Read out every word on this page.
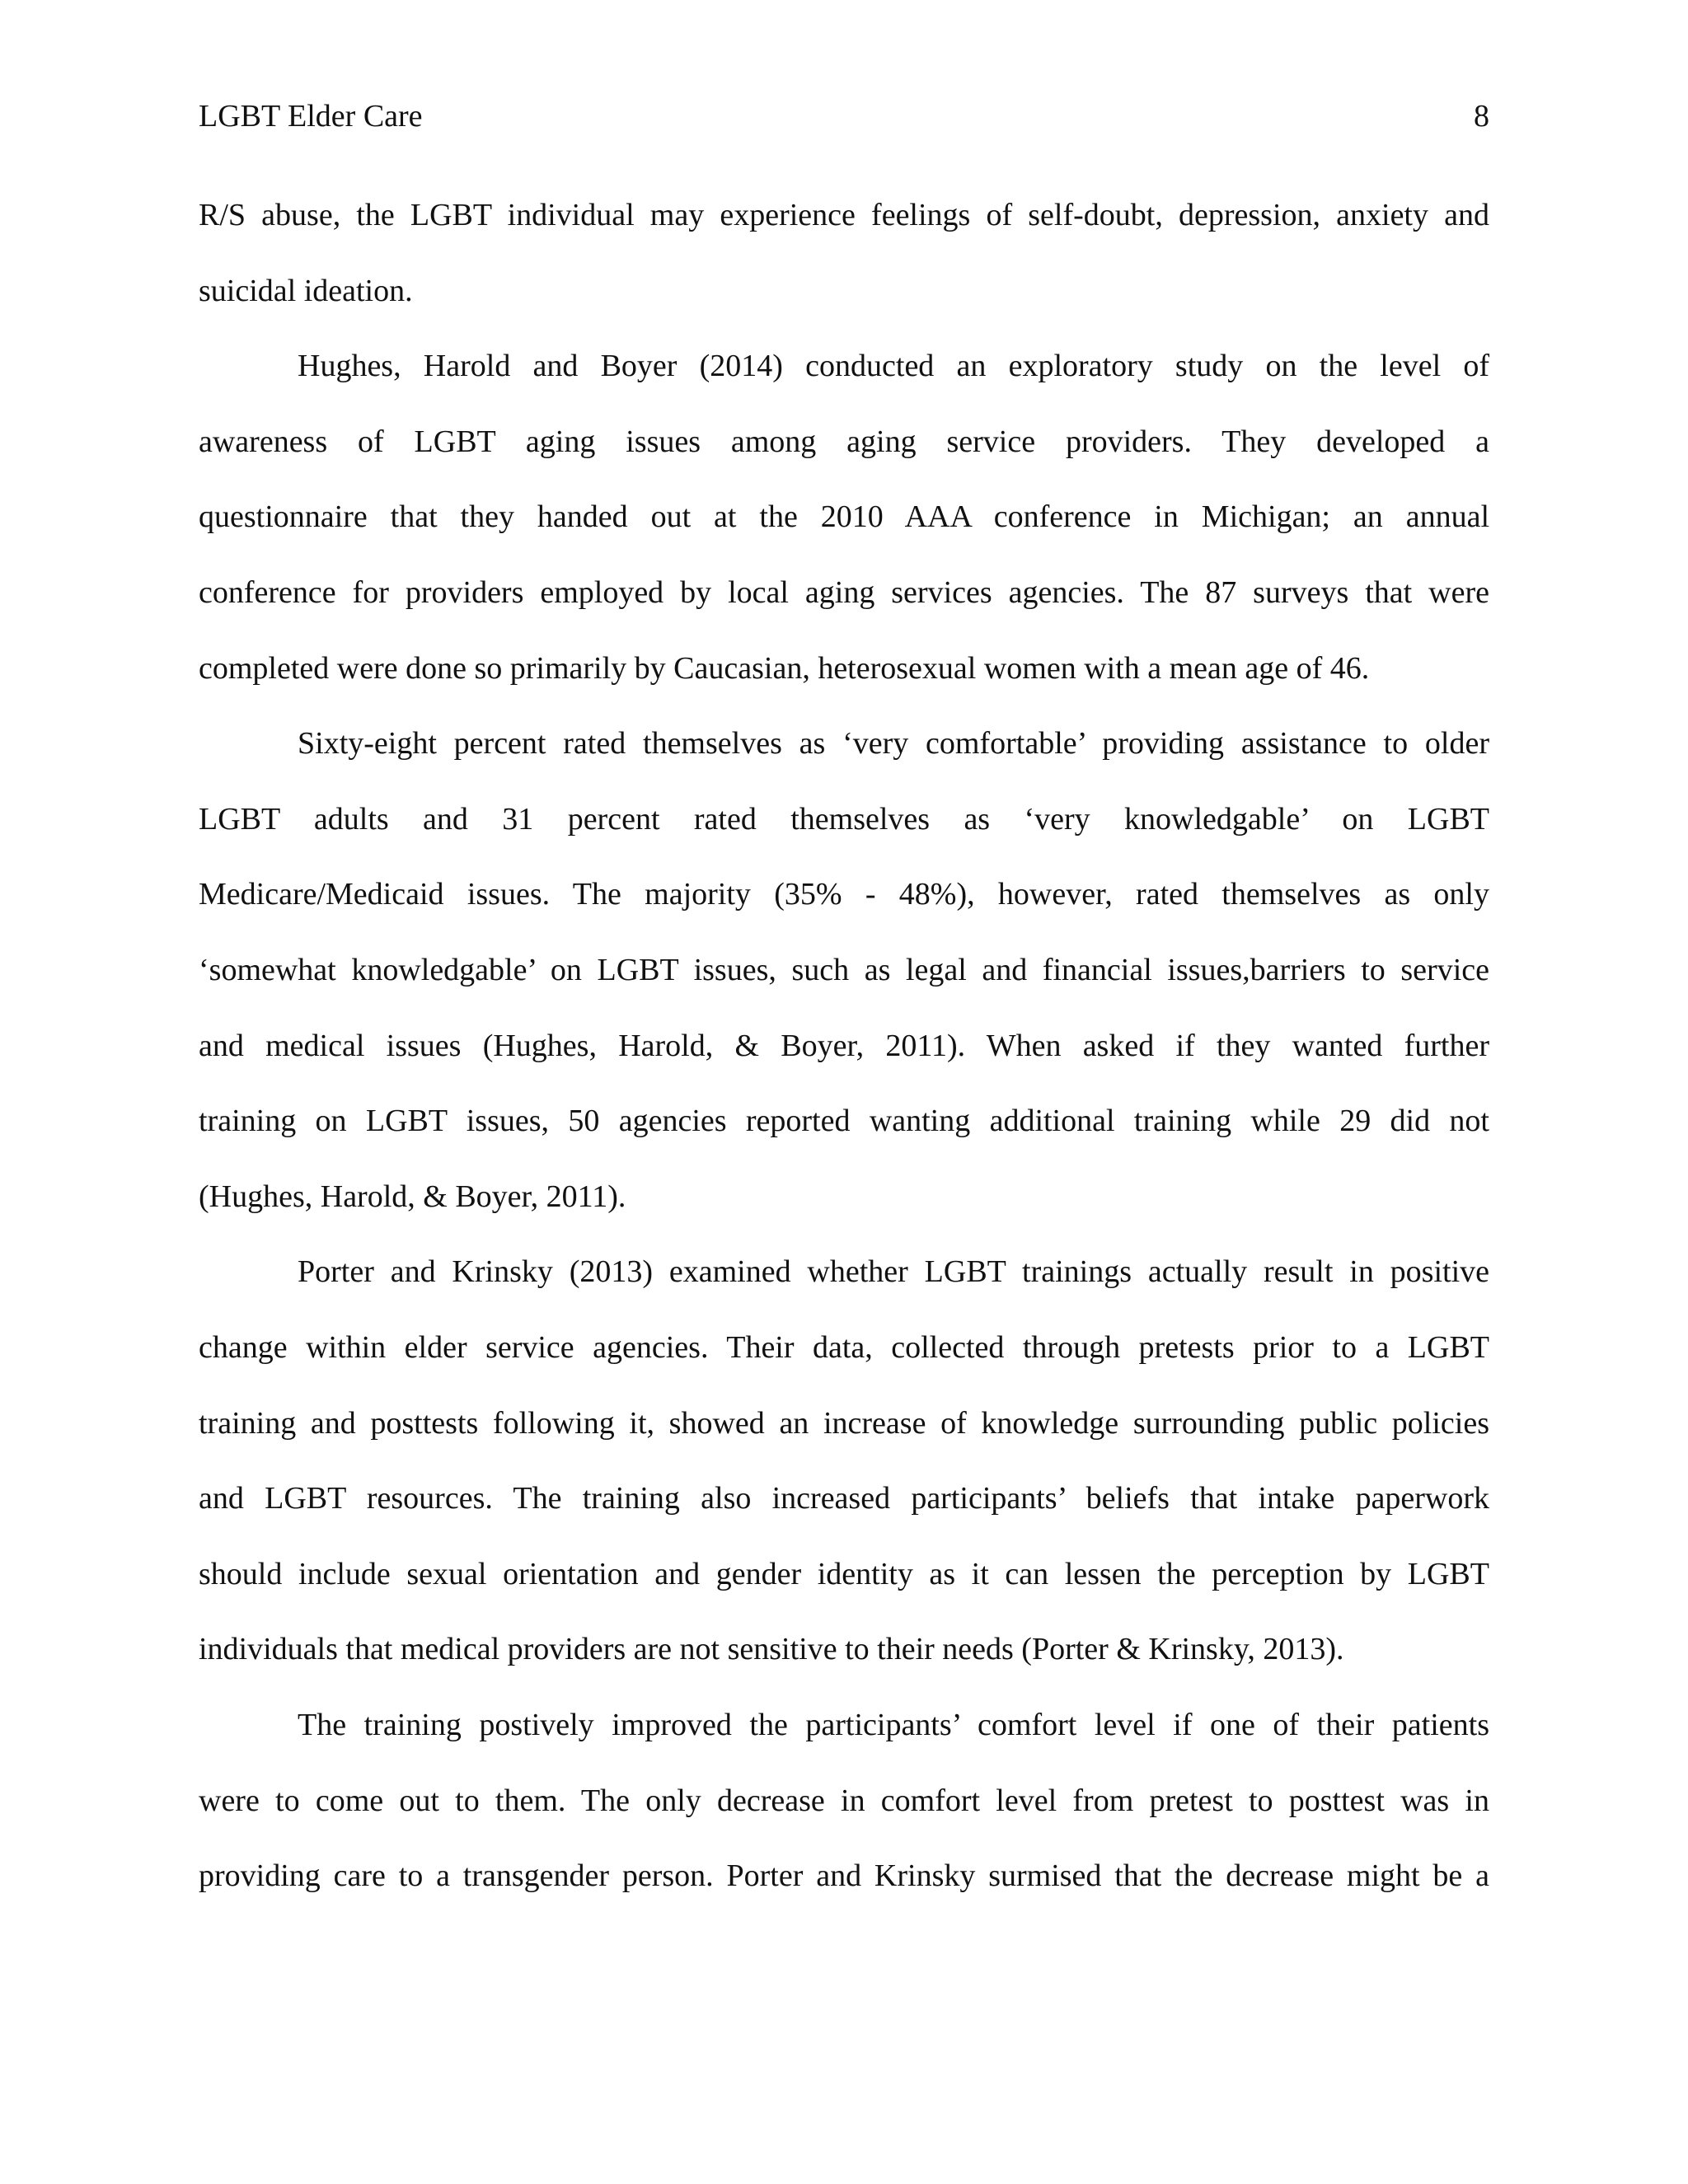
LGBT Elder Care	8
R/S abuse, the LGBT individual may experience feelings of self-doubt, depression, anxiety and
suicidal ideation.
Hughes, Harold and Boyer (2014) conducted an exploratory study on the level of
awareness of LGBT aging issues among aging service providers. They developed a
questionnaire that they handed out at the 2010 AAA conference in Michigan; an annual
conference for providers employed by local aging services agencies. The 87 surveys that were
completed were done so primarily by Caucasian, heterosexual women with a mean age of 46.
Sixty-eight percent rated themselves as ‘very comfortable’ providing assistance to older
LGBT adults and 31 percent rated themselves as ‘very knowledgable’ on LGBT
Medicare/Medicaid issues. The majority (35% - 48%), however, rated themselves as only
‘somewhat knowledgable’ on LGBT issues, such as legal and financial issues,barriers to service
and medical issues (Hughes, Harold, & Boyer, 2011). When asked if they wanted further
training on LGBT issues, 50 agencies reported wanting additional training while 29 did not
(Hughes, Harold, & Boyer, 2011).
Porter and Krinsky (2013) examined whether LGBT trainings actually result in positive
change within elder service agencies. Their data, collected through pretests prior to a LGBT
training and posttests following it, showed an increase of knowledge surrounding public policies
and LGBT resources. The training also increased participants’ beliefs that intake paperwork
should include sexual orientation and gender identity as it can lessen the perception by LGBT
individuals that medical providers are not sensitive to their needs (Porter & Krinsky, 2013).
The training postively improved the participants’ comfort level if one of their patients
were to come out to them. The only decrease in comfort level from pretest to posttest was in
providing care to a transgender person. Porter and Krinsky surmised that the decrease might be a
